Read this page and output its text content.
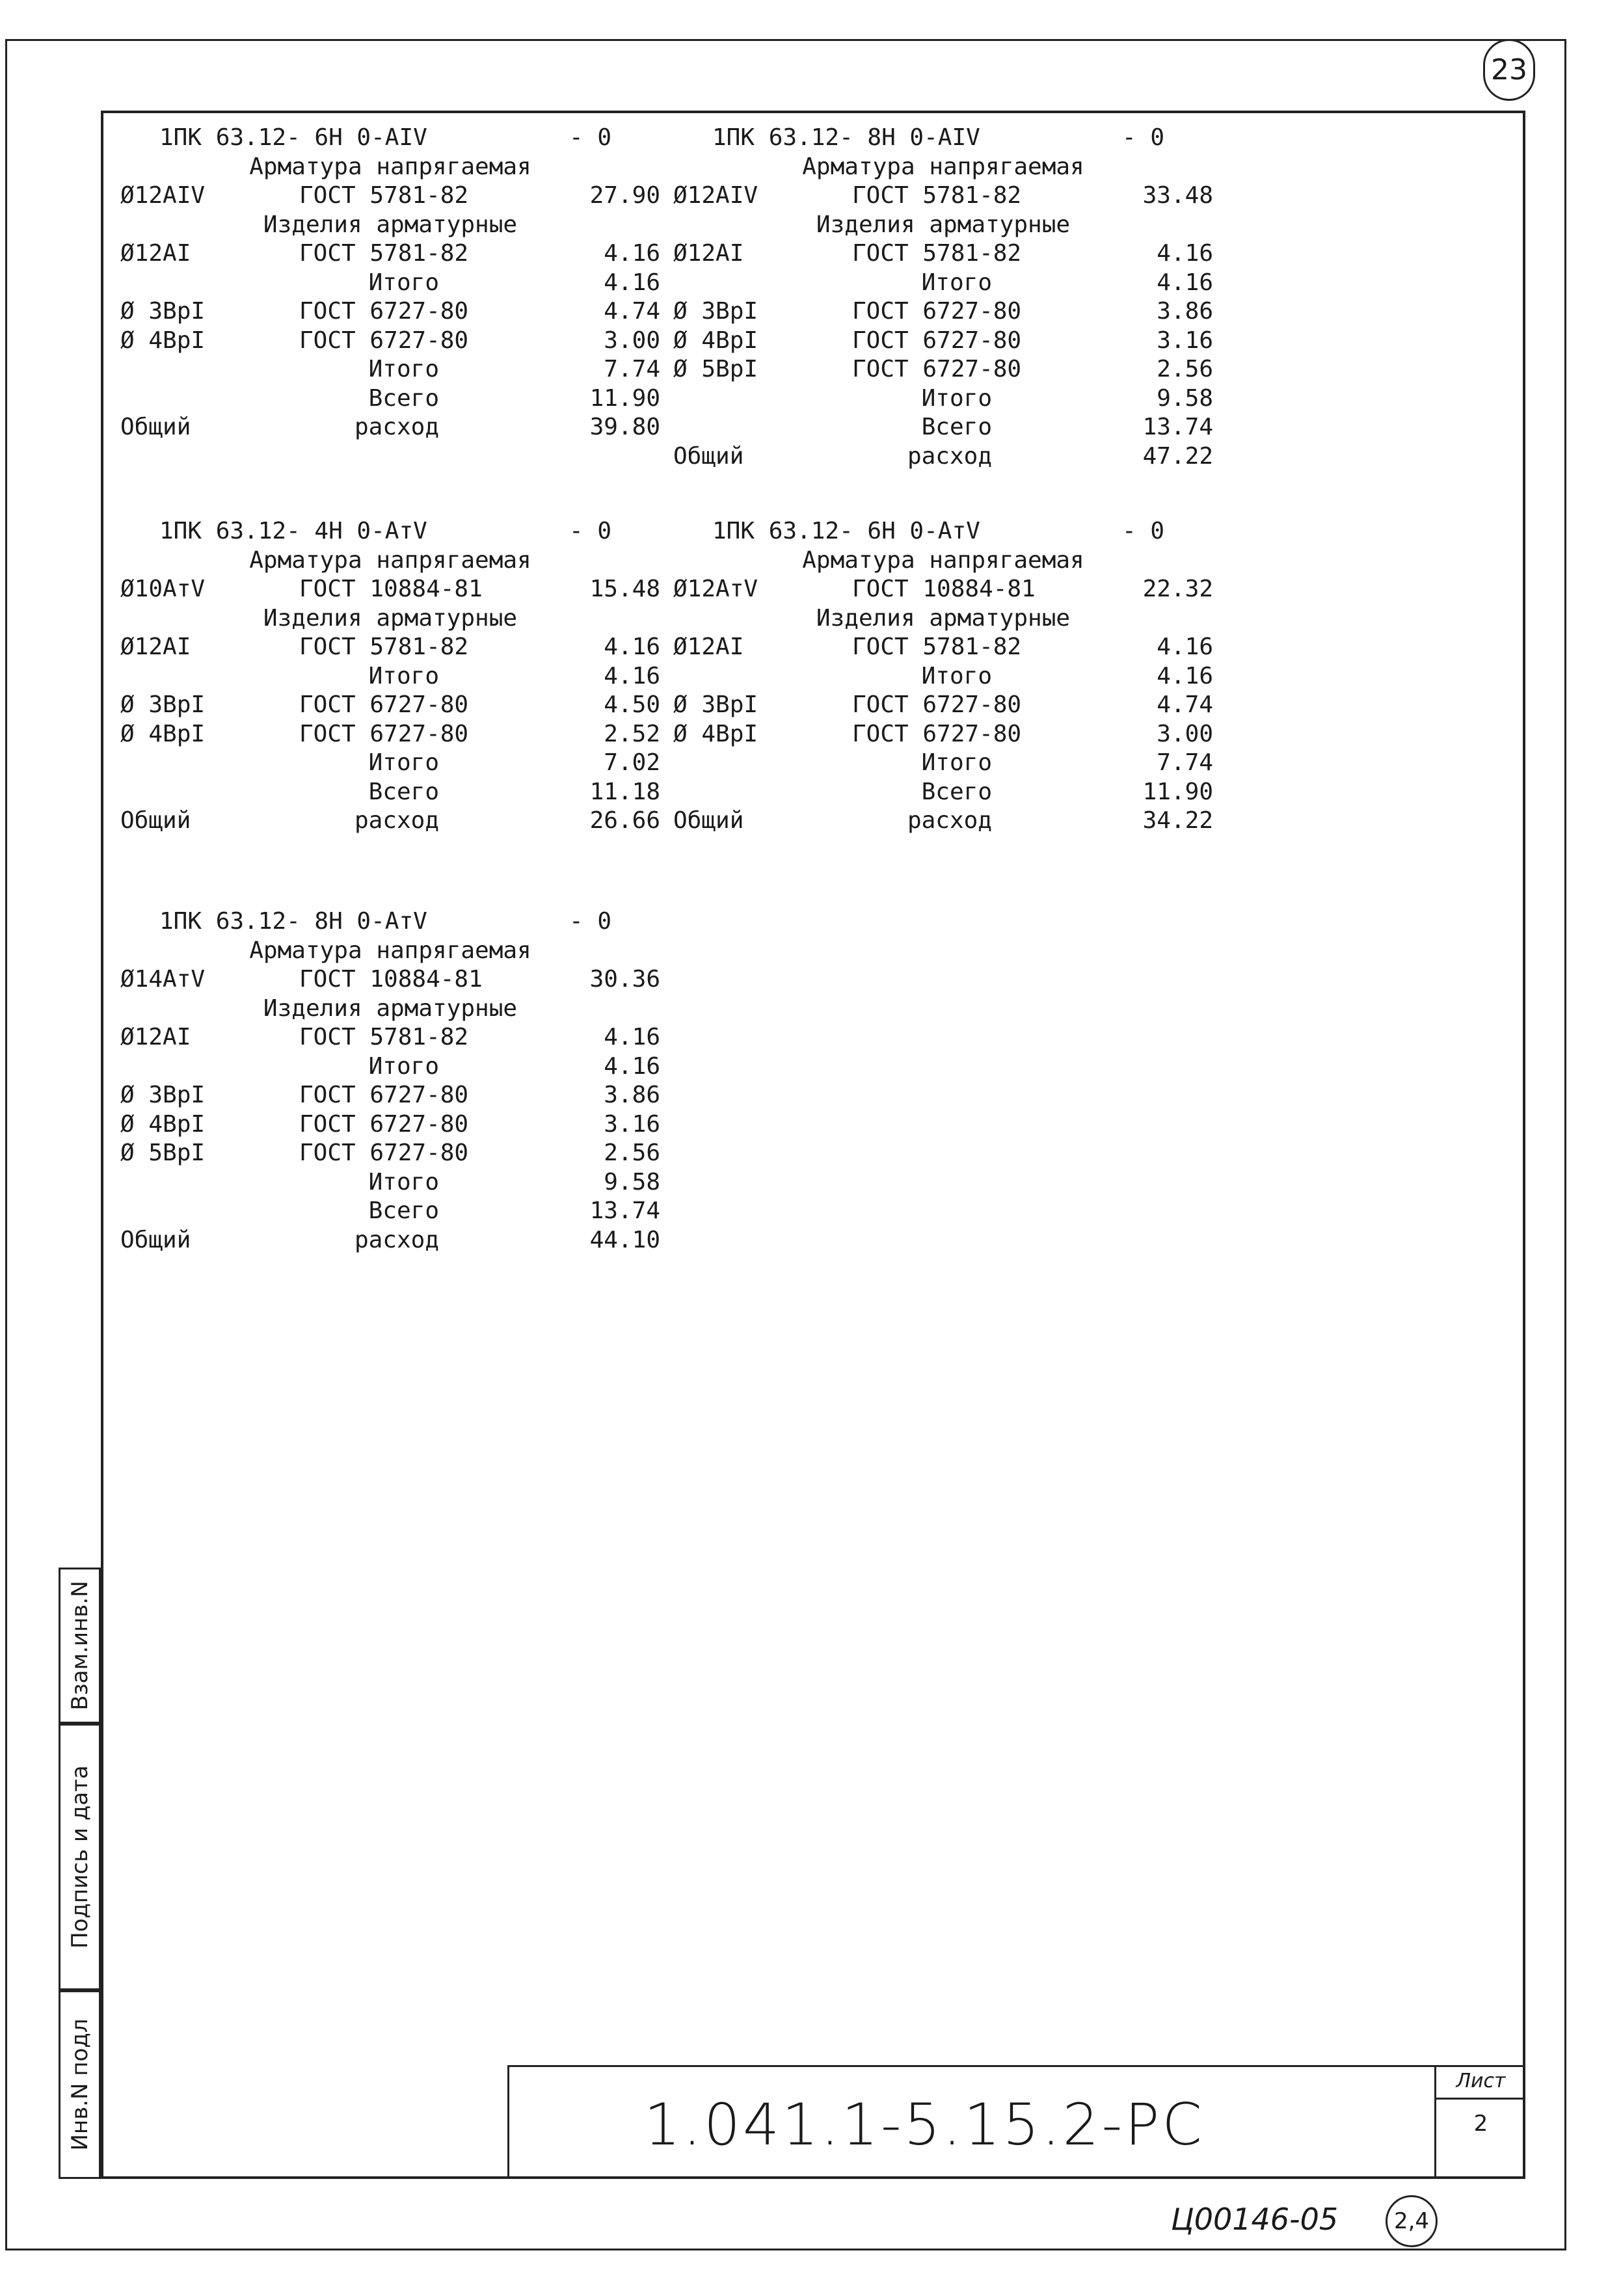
23
Взам.инв.N
Подпись и дата
Инв.N подл
1ПК 63.12- 6Н 0-АIV	- 0
Арматура напрягаемая
Ø12АIV	ГОСТ 5781-82	27.90
Изделия арматурные
Ø12АI	ГОСТ 5781-82	4.16
Итого	4.16
Ø 3ВрI	ГОСТ 6727-80	4.74
Ø 4ВрI	ГОСТ 6727-80	3.00
Итого	7.74
Всего	11.90
Общий	расход	39.80
1ПК 63.12- 8Н 0-АIV	- 0
Арматура напрягаемая
Ø12АIV	ГОСТ 5781-82	33.48
Изделия арматурные
Ø12АI	ГОСТ 5781-82	4.16
Итого	4.16
Ø 3ВрI	ГОСТ 6727-80	3.86
Ø 4ВрI	ГОСТ 6727-80	3.16
Ø 5ВрI	ГОСТ 6727-80	2.56
Итого	9.58
Всего	13.74
Общий	расход	47.22
1ПК 63.12- 4Н 0-АтV	- 0
Арматура напрягаемая
Ø10АтV	ГОСТ 10884-81	15.48
Изделия арматурные
Ø12АI	ГОСТ 5781-82	4.16
Итого	4.16
Ø 3ВрI	ГОСТ 6727-80	4.50
Ø 4ВрI	ГОСТ 6727-80	2.52
Итого	7.02
Всего	11.18
Общий	расход	26.66
1ПК 63.12- 6Н 0-АтV	- 0
Арматура напрягаемая
Ø12АтV	ГОСТ 10884-81	22.32
Изделия арматурные
Ø12АI	ГОСТ 5781-82	4.16
Итого	4.16
Ø 3ВрI	ГОСТ 6727-80	4.74
Ø 4ВрI	ГОСТ 6727-80	3.00
Итого	7.74
Всего	11.90
Общий	расход	34.22
1ПК 63.12- 8Н 0-АтV	- 0
Арматура напрягаемая
Ø14АтV	ГОСТ 10884-81	30.36
Изделия арматурные
Ø12АI	ГОСТ 5781-82	4.16
Итого	4.16
Ø 3ВрI	ГОСТ 6727-80	3.86
Ø 4ВрI	ГОСТ 6727-80	3.16
Ø 5ВрI	ГОСТ 6727-80	2.56
Итого	9.58
Всего	13.74
Общий	расход	44.10
1.041.1-5.15.2-РС
Лист
2
Ц00146-05	2,4
